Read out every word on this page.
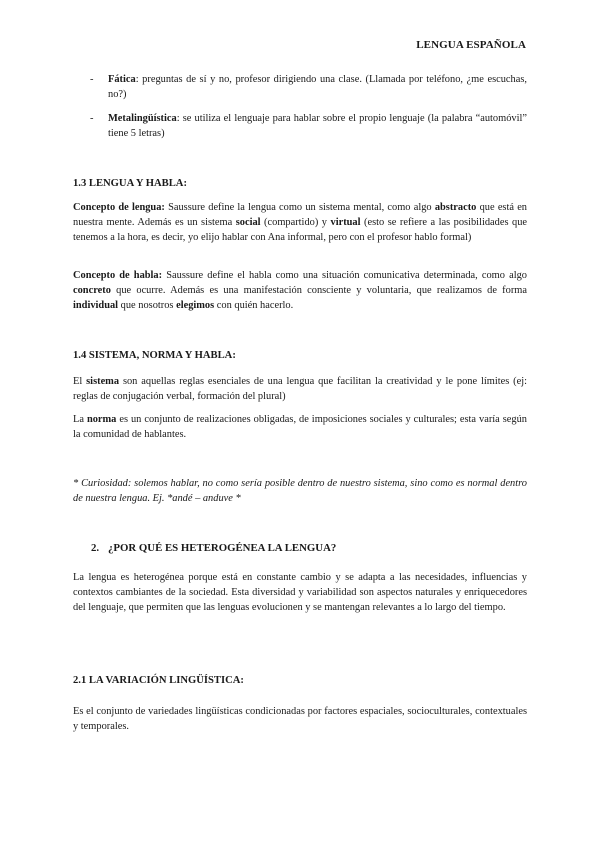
LENGUA ESPAÑOLA
- Fática: preguntas de sí y no, profesor dirigiendo una clase. (Llamada por teléfono, ¿me escuchas, no?)
- Metalingüística: se utiliza el lenguaje para hablar sobre el propio lenguaje (la palabra “automóvil” tiene 5 letras)
1.3 LENGUA Y HABLA:
Concepto de lengua: Saussure define la lengua como un sistema mental, como algo abstracto que está en nuestra mente. Además es un sistema social (compartido) y virtual (esto se refiere a las posibilidades que tenemos a la hora, es decir, yo elijo hablar con Ana informal, pero con el profesor hablo formal)
Concepto de habla: Saussure define el habla como una situación comunicativa determinada, como algo concreto que ocurre. Además es una manifestación consciente y voluntaria, que realizamos de forma individual que nosotros elegimos con quién hacerlo.
1.4 SISTEMA, NORMA Y HABLA:
El sistema son aquellas reglas esenciales de una lengua que facilitan la creatividad y le pone límites (ej: reglas de conjugación verbal, formación del plural)
La norma es un conjunto de realizaciones obligadas, de imposiciones sociales y culturales; esta varía según la comunidad de hablantes.
* Curiosidad: solemos hablar, no como sería posible dentro de nuestro sistema, sino como es normal dentro de nuestra lengua. Ej. *andé – anduve *
2. ¿POR QUÉ ES HETEROGÉNEA LA LENGUA?
La lengua es heterogénea porque está en constante cambio y se adapta a las necesidades, influencias y contextos cambiantes de la sociedad. Esta diversidad y variabilidad son aspectos naturales y enriquecedores del lenguaje, que permiten que las lenguas evolucionen y se mantengan relevantes a lo largo del tiempo.
2.1 LA VARIACIÓN LINGÜÍSTICA:
Es el conjunto de variedades lingüísticas condicionadas por factores espaciales, socioculturales, contextuales y temporales.
